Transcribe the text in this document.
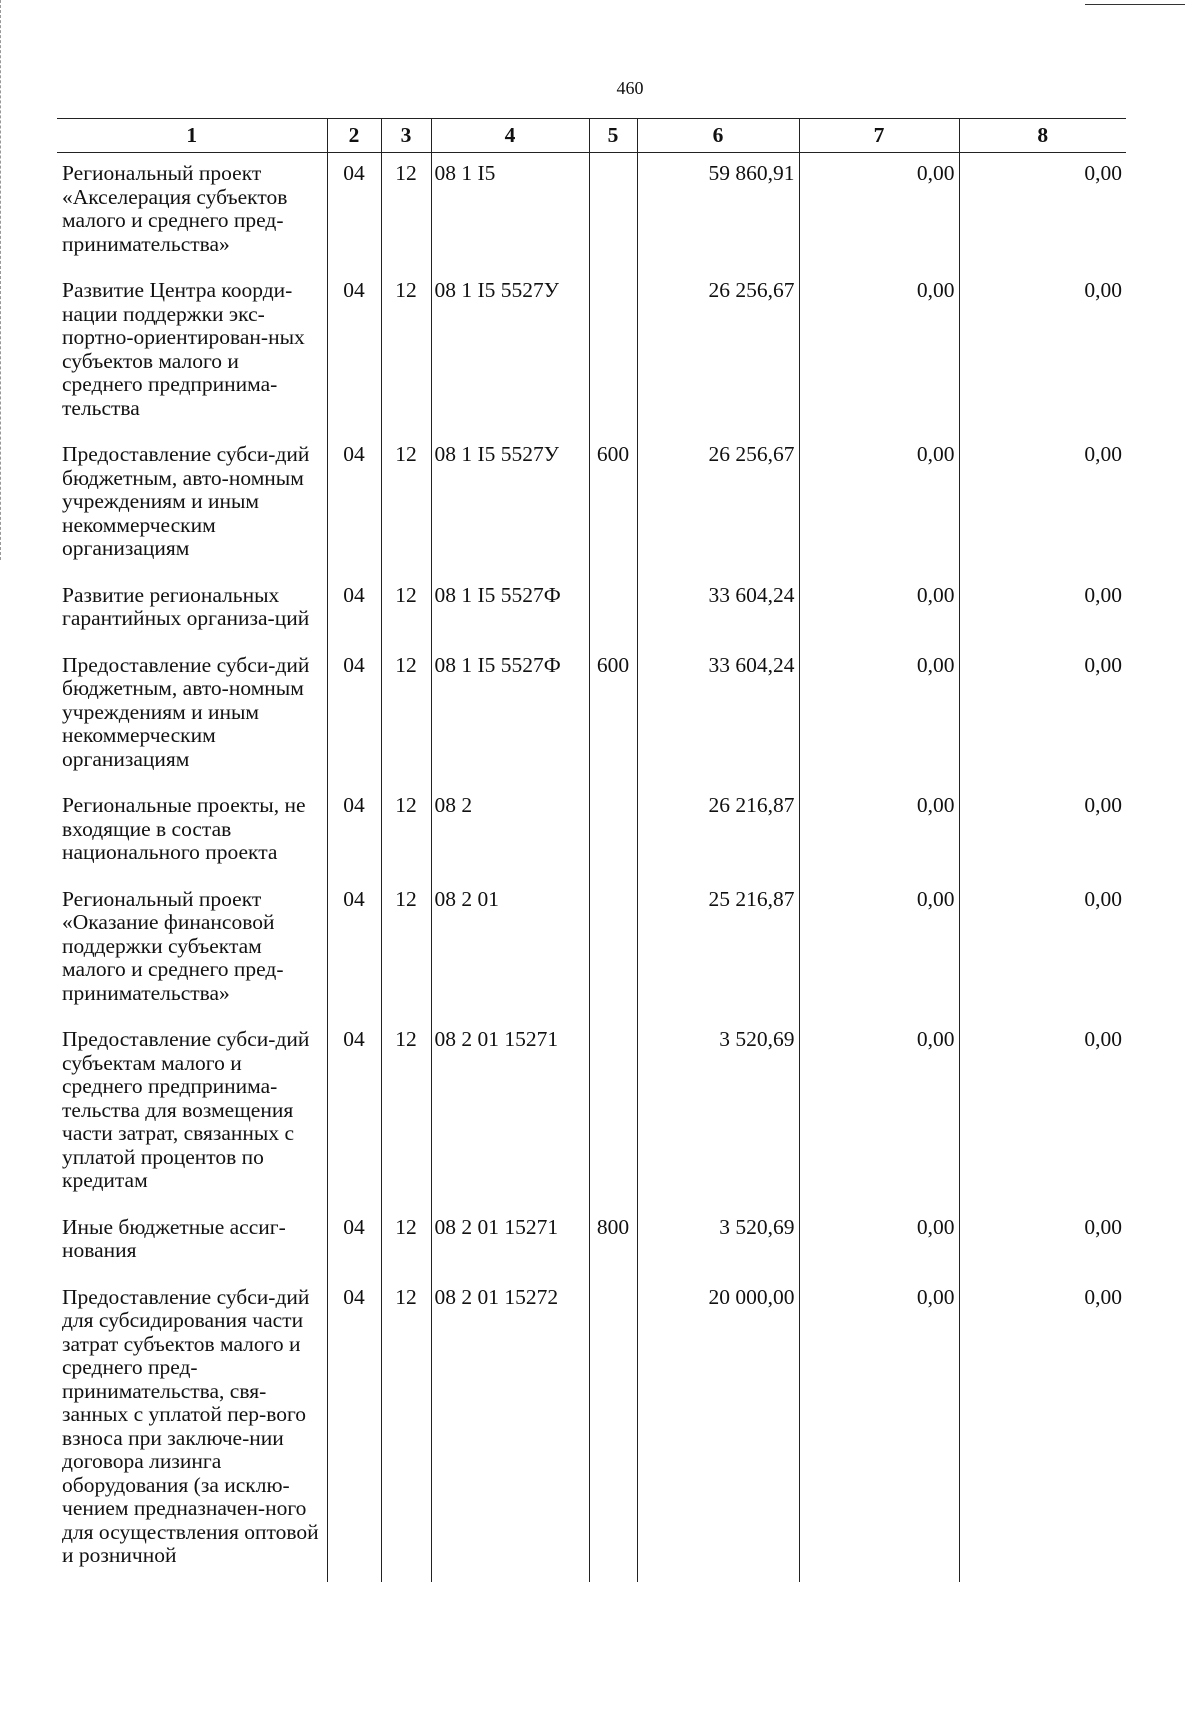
460
1	2	3	4	5	6	7	8
Региональный проект «Акселерация субъектов малого и среднего пред-принимательства»	04	12	08 1 I5		59 860,91	0,00	0,00
Развитие Центра коорди-нации поддержки экс-портно-ориентирован-ных субъектов малого и среднего предпринима-тельства	04	12	08 1 I5 5527У		26 256,67	0,00	0,00
Предоставление субси-дий бюджетным, авто-номным учреждениям и иным некоммерческим организациям	04	12	08 1 I5 5527У	600	26 256,67	0,00	0,00
Развитие региональных гарантийных организа-ций	04	12	08 1 I5 5527Ф		33 604,24	0,00	0,00
Предоставление субси-дий бюджетным, авто-номным учреждениям и иным некоммерческим организациям	04	12	08 1 I5 5527Ф	600	33 604,24	0,00	0,00
Региональные проекты, не входящие в состав национального проекта	04	12	08 2		26 216,87	0,00	0,00
Региональный проект «Оказание финансовой поддержки субъектам малого и среднего пред-принимательства»	04	12	08 2 01		25 216,87	0,00	0,00
Предоставление субси-дий субъектам малого и среднего предпринима-тельства для возмещения части затрат, связанных с уплатой процентов по кредитам	04	12	08 2 01 15271		3 520,69	0,00	0,00
Иные бюджетные ассиг-нования	04	12	08 2 01 15271	800	3 520,69	0,00	0,00
Предоставление субси-дий для субсидирования части затрат субъектов малого и среднего пред-принимательства, свя-занных с уплатой пер-вого взноса при заключе-нии договора лизинга оборудования (за исклю-чением предназначен-ного для осуществления оптовой и розничной	04	12	08 2 01 15272		20 000,00	0,00	0,00
